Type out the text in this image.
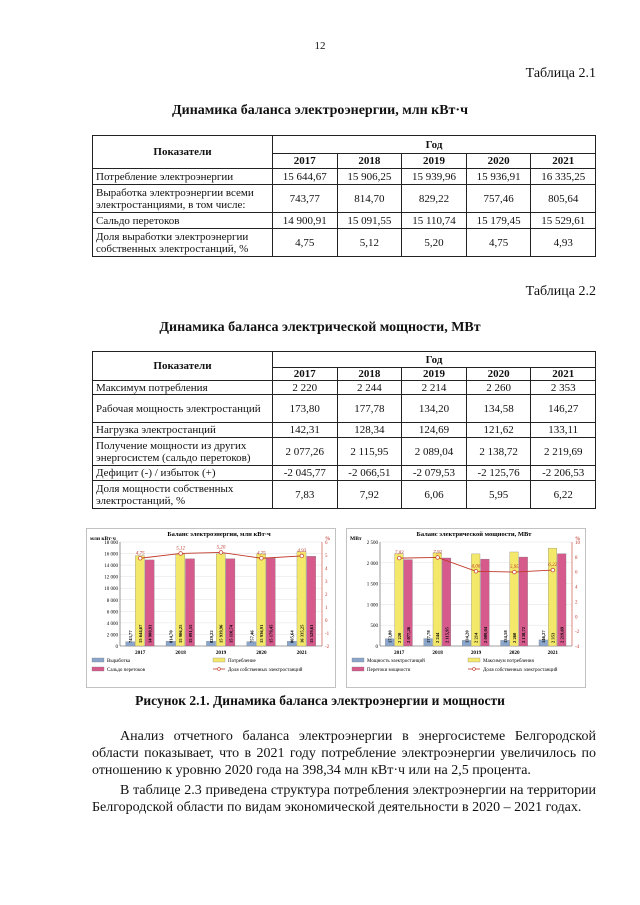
12
Таблица 2.1
Динамика баланса электроэнергии, млн кВт·ч
Показатели	Год				
	2017	2018	2019	2020	2021
Потребление электроэнергии	15 644,67	15 906,25	15 939,96	15 936,91	16 335,25
Выработка электроэнергии всеми электростанциями, в том числе:	743,77	814,70	829,22	757,46	805,64
Сальдо перетоков	14 900,91	15 091,55	15 110,74	15 179,45	15 529,61
Доля выработки электроэнергии собственных электростанций, %	4,75	5,12	5,20	4,75	4,93
Таблица 2.2
Динамика баланса электрической мощности, МВт
Показатели	Год				
	2017	2018	2019	2020	2021
Максимум потребления	2 220	2 244	2 214	2 260	2 353
Рабочая мощность электростанций	173,80	177,78	134,20	134,58	146,27
Нагрузка электростанций	142,31	128,34	124,69	121,62	133,11
Получение мощности из других энергосистем (сальдо перетоков)	2 077,26	2 115,95	2 089,04	2 138,72	2 219,69
Дефицит (-) / избыток (+)	-2 045,77	-2 066,51	-2 079,53	-2 125,76	-2 206,53
Доля мощности собственных электростанций, %	7,83	7,92	6,06	5,95	6,22
Баланс электроэнергии, млн кВт·ч
млн кВт·ч	%
18 000
16 000
14 000
12 000
10 000
8 000
6 000
4 000
2 000
0
6
5
4
3
2
1
0
-1
-2
743,77 15 644,67 14 900,91
2017
814,70 15 906,25 15 091,55
2018
829,22 15 939,96 15 110,74
2019
757,46 15 936,91 15 179,45
2020
805,64 16 335,25 15 529,61
2021
4,75
5,12	5,20
4,75	4,93
Выработка	Потребление
Сальдо перетоков	Доля собственных электростанций
Баланс электрической мощности, МВт
МВт	%
2 500
2 000
1 500
1 000
500
0
10
8
6
4
2
0
-2
-4
173,80 2 220 2 077,26
2017
177,78 2 244 2 115,95
2018
134,20 2 214 2 089,04
2019
134,58 2 260 2 138,72
2020
146,27 2 353 2 219,69
2021
7,83	7,92
6,06	5,95	6,22
Мощность электростанций	Максимум потребления
Перетоки мощности	Доля собственных электростанций
Рисунок 2.1. Динамика баланса электроэнергии и мощности
Анализ отчетного баланса электроэнергии в энергосистеме Белгородской области показывает, что в 2021 году потребление электроэнергии увеличилось по отношению к уровню 2020 года на 398,34 млн кВт·ч или на 2,5 процента.
В таблице 2.3 приведена структура потребления электроэнергии на территории Белгородской области по видам экономической деятельности в 2020 – 2021 годах.
